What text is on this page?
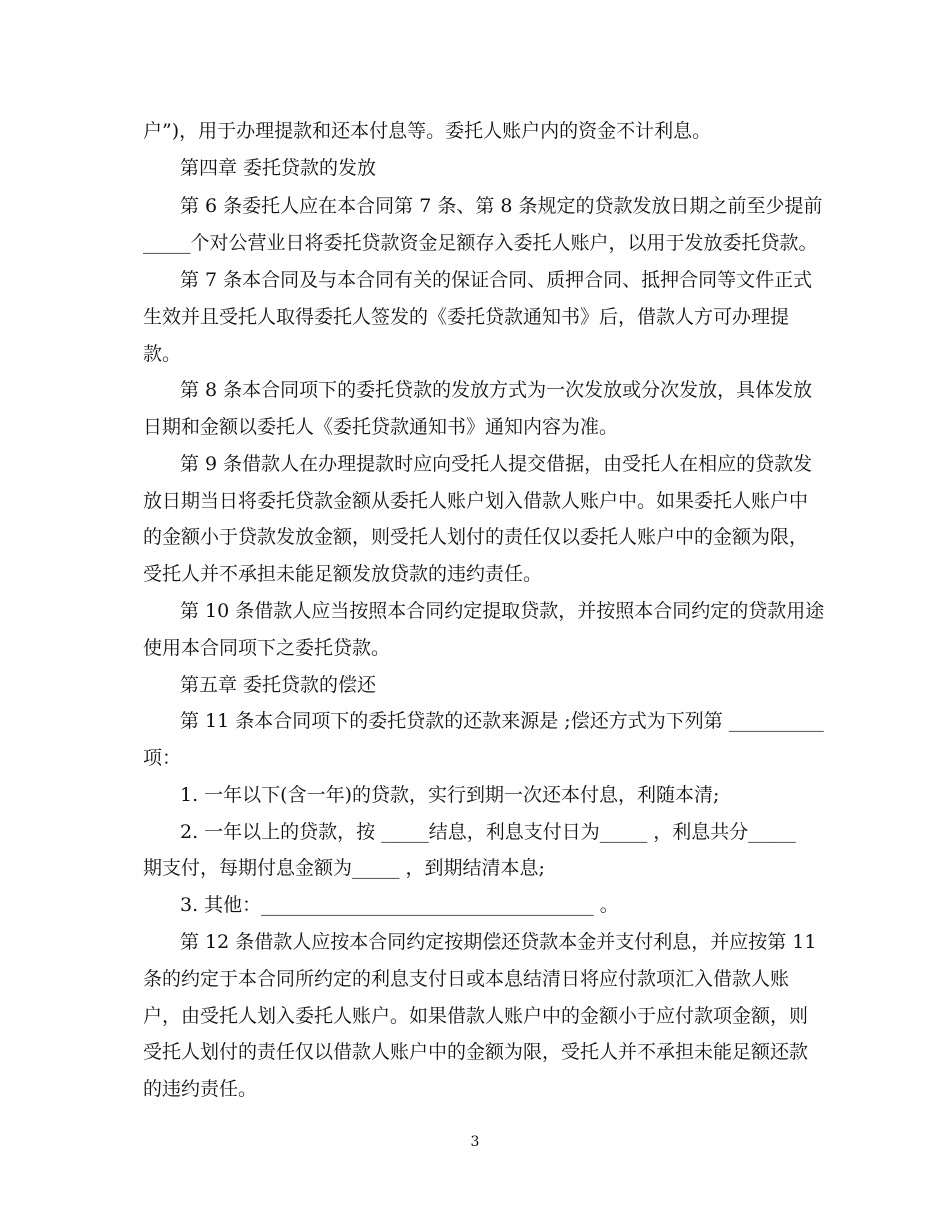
户”)，用于办理提款和还本付息等。委托人账户内的资金不计利息。
第四章 委托贷款的发放
第 6 条委托人应在本合同第 7 条、第 8 条规定的贷款发放日期之前至少提前
_____个对公营业日将委托贷款资金足额存入委托人账户，以用于发放委托贷款。
第 7 条本合同及与本合同有关的保证合同、质押合同、抵押合同等文件正式
生效并且受托人取得委托人签发的《委托贷款通知书》后，借款人方可办理提
款。
第 8 条本合同项下的委托贷款的发放方式为一次发放或分次发放，具体发放
日期和金额以委托人《委托贷款通知书》通知内容为准。
第 9 条借款人在办理提款时应向受托人提交借据，由受托人在相应的贷款发
放日期当日将委托贷款金额从委托人账户划入借款人账户中。如果委托人账户中
的金额小于贷款发放金额，则受托人划付的责任仅以委托人账户中的金额为限，
受托人并不承担未能足额发放贷款的违约责任。
第 10 条借款人应当按照本合同约定提取贷款，并按照本合同约定的贷款用途
使用本合同项下之委托贷款。
第五章 委托贷款的偿还
第 11 条本合同项下的委托贷款的还款来源是 ;偿还方式为下列第 __________
项：
1. 一年以下(含一年)的贷款，实行到期一次还本付息，利随本清;
2. 一年以上的贷款，按 _____结息，利息支付日为_____ ，利息共分_____
期支付，每期付息金额为_____ ，到期结清本息;
3. 其他：___________________________________ 。
第 12 条借款人应按本合同约定按期偿还贷款本金并支付利息，并应按第 11
条的约定于本合同所约定的利息支付日或本息结清日将应付款项汇入借款人账
户，由受托人划入委托人账户。如果借款人账户中的金额小于应付款项金额，则
受托人划付的责任仅以借款人账户中的金额为限，受托人并不承担未能足额还款
的违约责任。
3
